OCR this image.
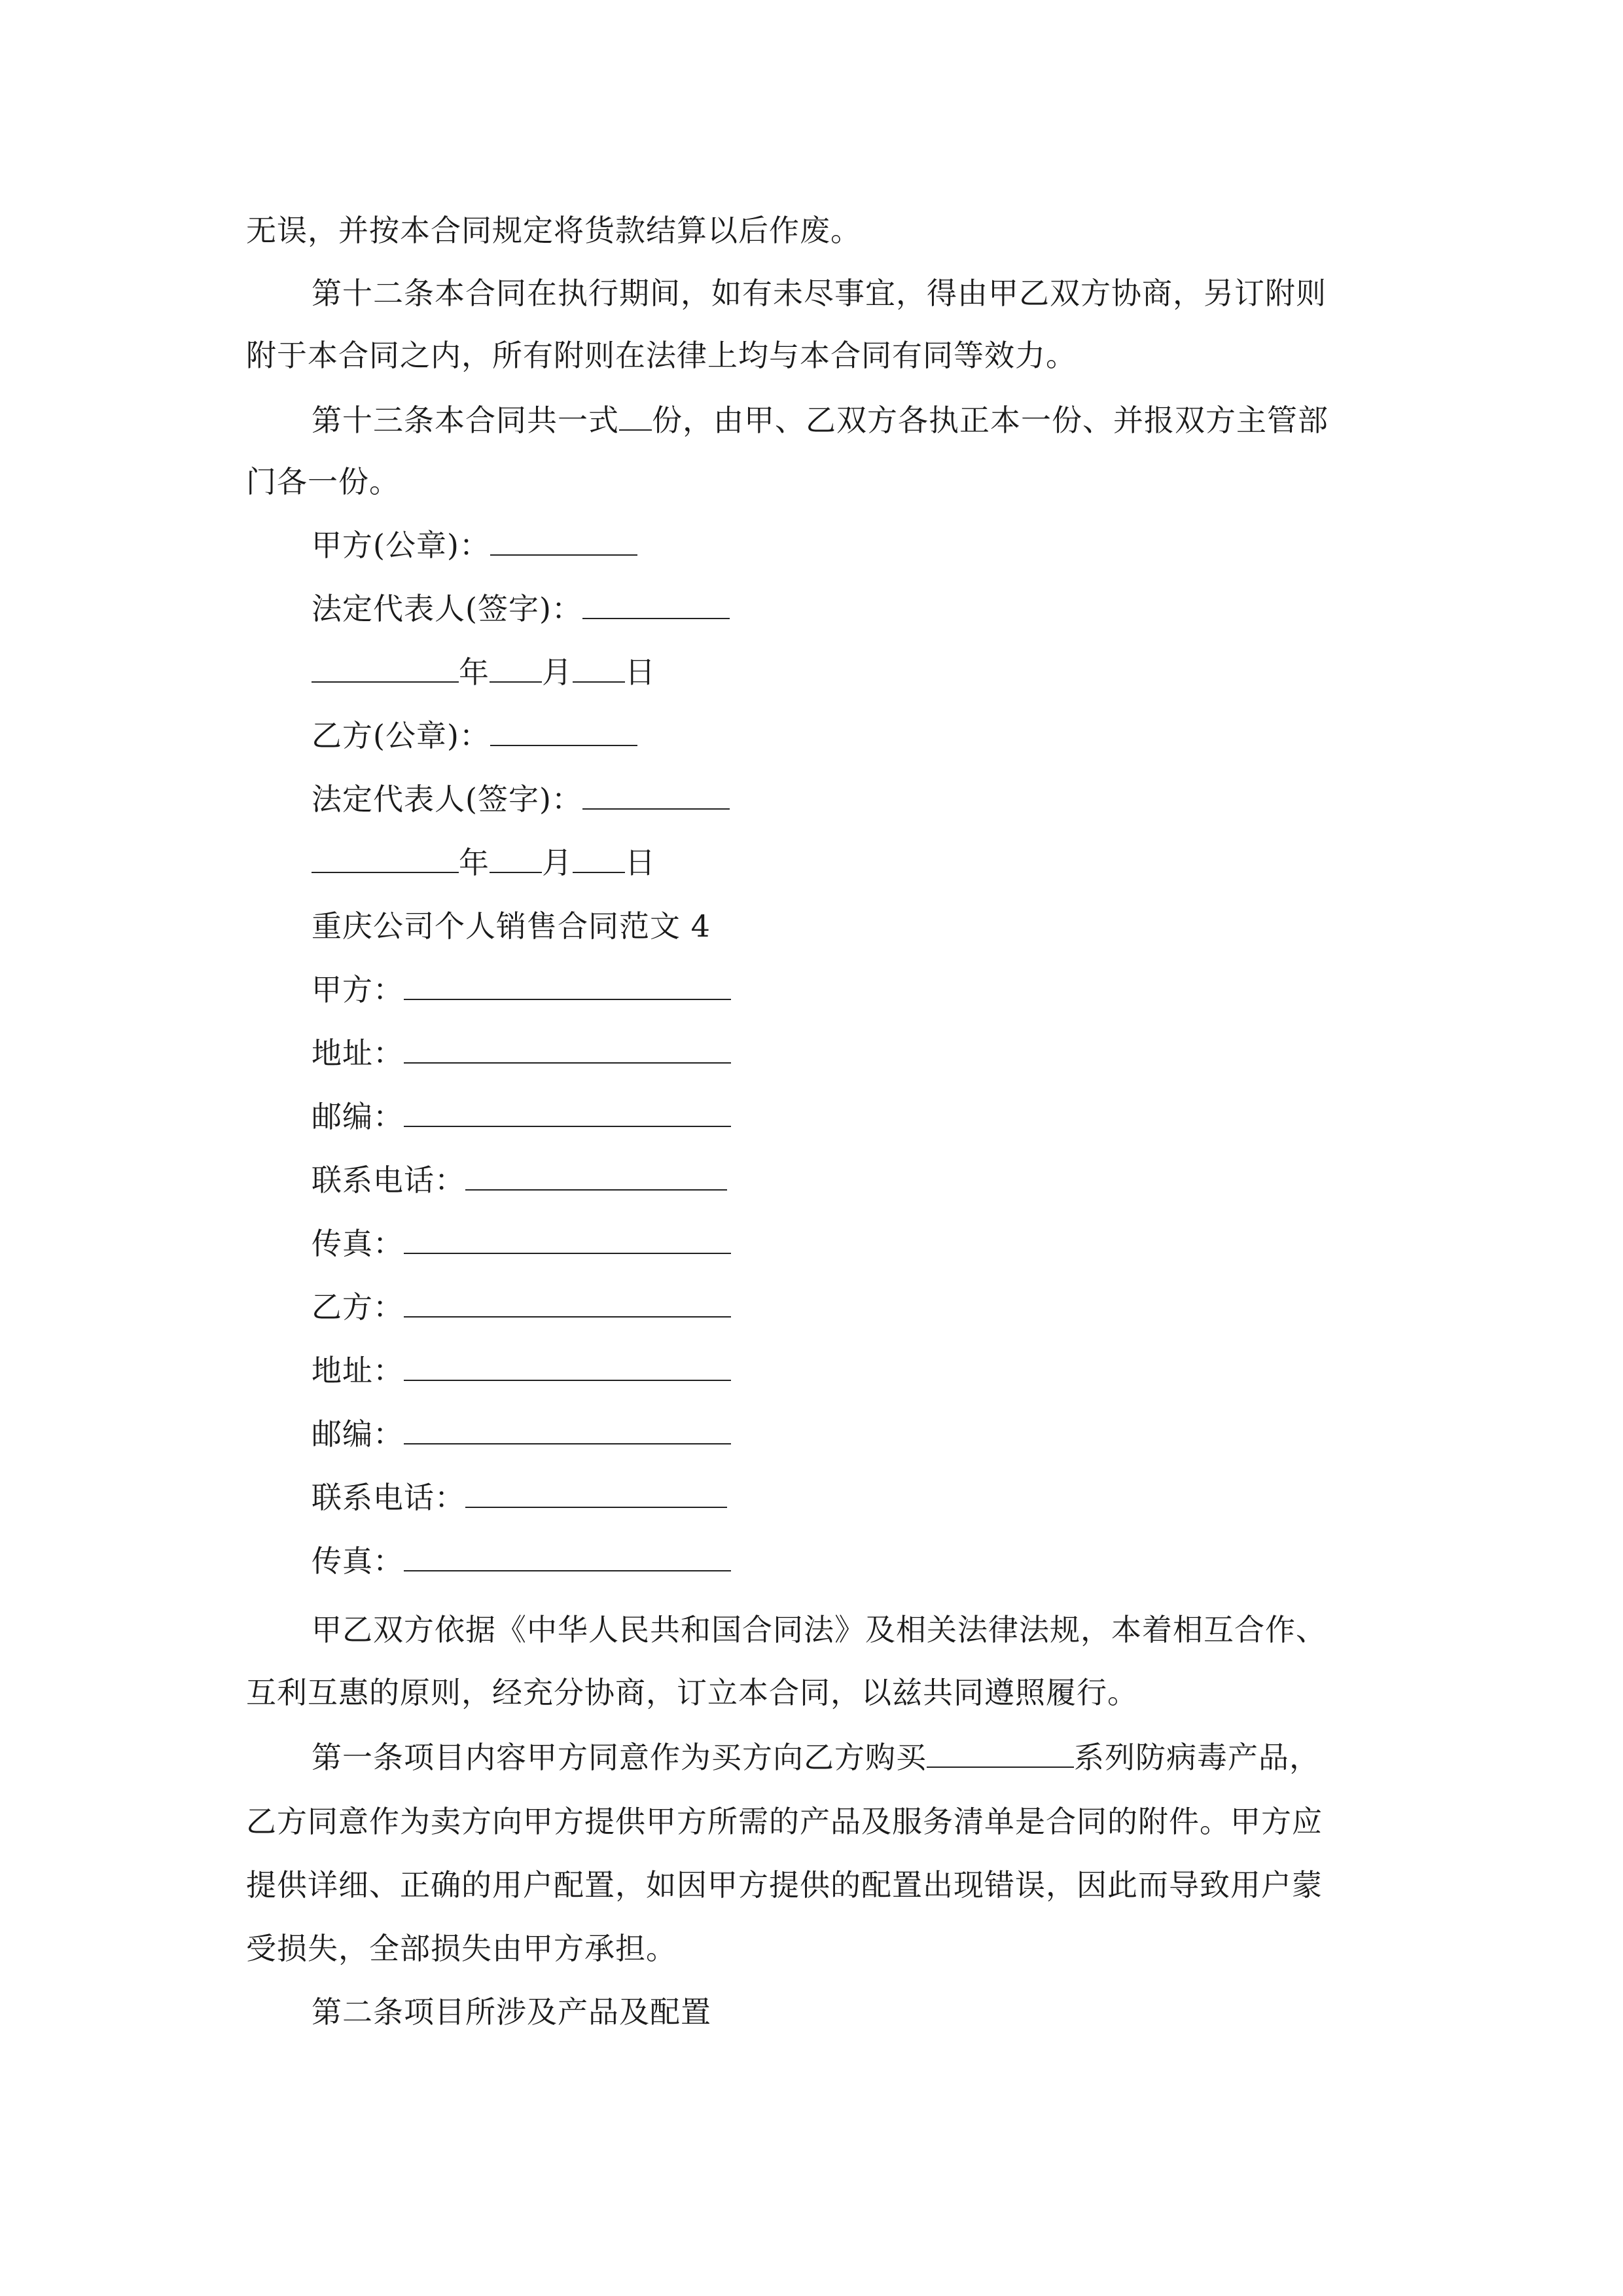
无误，并按本合同规定将货款结算以后作废。
第十二条本合同在执行期间，如有未尽事宜，得由甲乙双方协商，另订附则
附于本合同之内，所有附则在法律上均与本合同有同等效力。
第十三条本合同共一式 份，由甲、乙双方各执正本一份、并报双方主管部
门各一份。
甲方(公章)：
法定代表人(签字)：
年 月 日
乙方(公章)：
法定代表人(签字)：
年 月 日
重庆公司个人销售合同范文 4
甲方：
地址：
邮编：
联系电话：
传真：
乙方：
地址：
邮编：
联系电话：
传真：
甲乙双方依据《中华人民共和国合同法》及相关法律法规，本着相互合作、
互利互惠的原则，经充分协商，订立本合同，以兹共同遵照履行。
第一条项目内容甲方同意作为买方向乙方购买	系列防病毒产品，
乙方同意作为卖方向甲方提供甲方所需的产品及服务清单是合同的附件。甲方应
提供详细、正确的用户配置，如因甲方提供的配置出现错误，因此而导致用户蒙
受损失，全部损失由甲方承担。
第二条项目所涉及产品及配置
